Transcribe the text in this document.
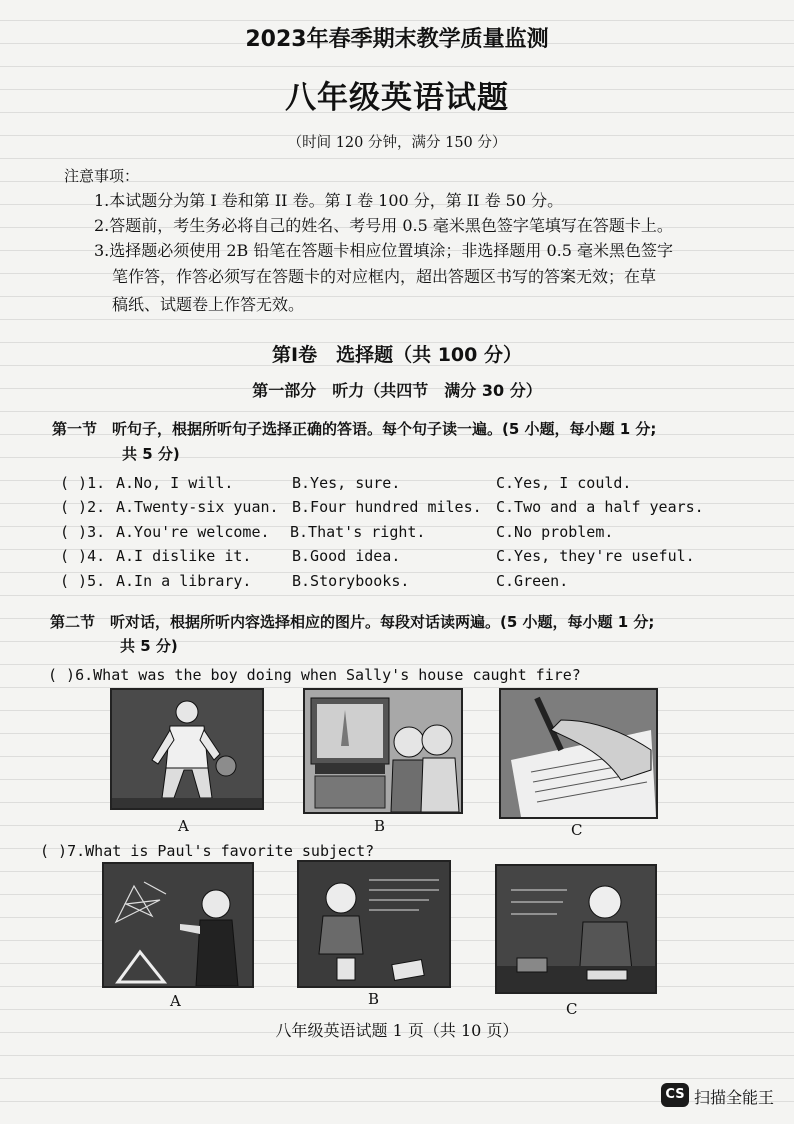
2023年春季期末教学质量监测
八年级英语试题
（时间 120 分钟，满分 150 分）
注意事项：
1.本试题分为第 I 卷和第 II 卷。第 I 卷 100 分，第 II 卷 50 分。
2.答题前，考生务必将自己的姓名、考号用 0.5 毫米黑色签字笔填写在答题卡上。
3.选择题必须使用 2B 铅笔在答题卡相应位置填涂；非选择题用 0.5 毫米黑色签字
笔作答，作答必须写在答题卡的对应框内，超出答题区书写的答案无效；在草
稿纸、试题卷上作答无效。
第Ⅰ卷　选择题（共 100 分）
第一部分　听力（共四节　满分 30 分）
第一节　听句子，根据所听句子选择正确的答语。每个句子读一遍。(5 小题，每小题 1 分;
共 5 分)
( )1. A.No, I will.	B.Yes, sure.	C.Yes, I could.
( )2. A.Twenty-six yuan. B.Four hundred miles. C.Two and a half years.
( )3. A.You're welcome. B.That's right.	C.No problem.
( )4. A.I dislike it.	B.Good idea.	C.Yes, they're useful.
( )5. A.In a library.	B.Storybooks.	C.Green.
第二节　听对话，根据所听内容选择相应的图片。每段对话读两遍。(5 小题，每小题 1 分;
共 5 分)
( )6.What was the boy doing when Sally's house caught fire?
A	B	C
( )7.What is Paul's favorite subject?
A	B
C
八年级英语试题 1 页（共 10 页）
CS 扫描全能王
